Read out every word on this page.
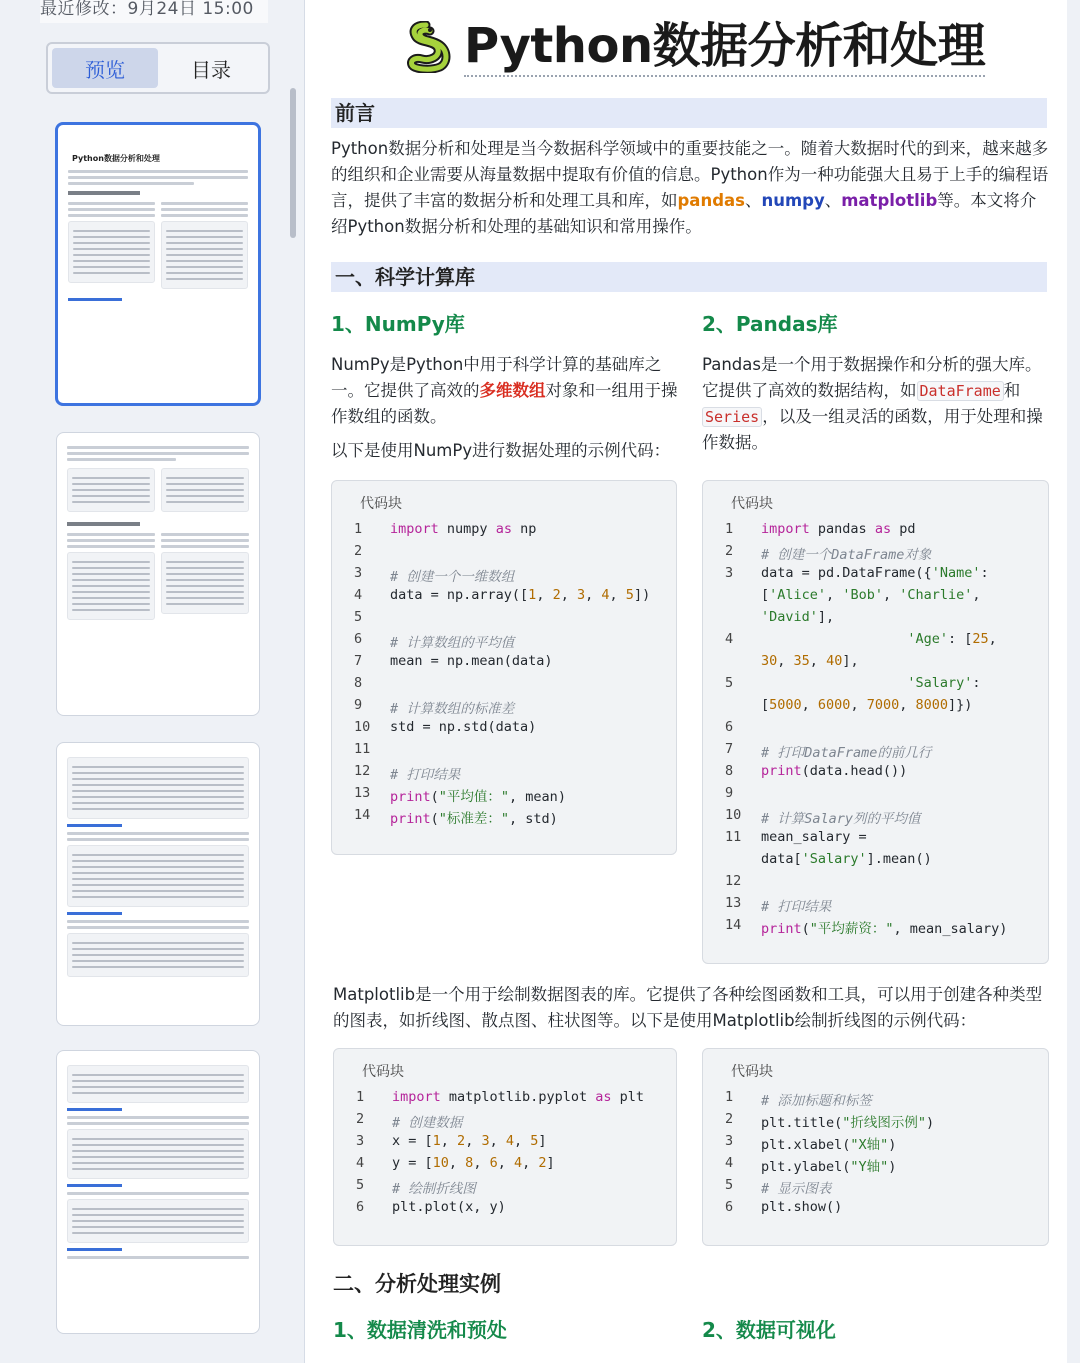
最近修改：9月24日 15:00
预览	目录
Python数据分析和处理
Python数据分析和处理
前言
Python数据分析和处理是当今数据科学领域中的重要技能之一。随着大数据时代的到来，越来越多的组织和企业需要从海量数据中提取有价值的信息。Python作为一种功能强大且易于上手的编程语言，提供了丰富的数据分析和处理工具和库，如pandas、numpy、matplotlib等。本文将介绍Python数据分析和处理的基础知识和常用操作。
一、科学计算库
1、NumPy库	2、Pandas库
NumPy是Python中用于科学计算的基础库之一。它提供了高效的多维数组对象和一组用于操作数组的函数。
以下是使用NumPy进行数据处理的示例代码：
Pandas是一个用于数据操作和分析的强大库。它提供了高效的数据结构，如 DataFrame 和Series ，以及一组灵活的函数，用于处理和操作数据。
代码块
1	import numpy as np
2
3	# 创建一个一维数组
4	data = np.array([1, 2, 3, 4, 5])
5
6	# 计算数组的平均值
7	mean = np.mean(data)
8
9	# 计算数组的标准差
10 std = np.std(data)
11
12 # 打印结果
13 print("平均值：", mean)
14 print("标准差：", std)
代码块
1	import pandas as pd
2	# 创建一个DataFrame对象
3	data = pd.DataFrame({'Name':
['Alice', 'Bob', 'Charlie',
'David'],
4	'Age': [25,
30, 35, 40],
5	'Salary':
[5000, 6000, 7000, 8000]})
6
7	# 打印DataFrame的前几行
8	print(data.head())
9
10 # 计算Salary列的平均值
11 mean_salary =
data['Salary'].mean()
12
13 # 打印结果
14 print("平均薪资：", mean_salary)
Matplotlib是一个用于绘制数据图表的库。它提供了各种绘图函数和工具，可以用于创建各种类型的图表，如折线图、散点图、柱状图等。以下是使用Matplotlib绘制折线图的示例代码：
代码块
1	import matplotlib.pyplot as plt
2	# 创建数据
3	x = [1, 2, 3, 4, 5]
4	y = [10, 8, 6, 4, 2]
5	# 绘制折线图
6	plt.plot(x, y)
代码块
1	# 添加标题和标签
2	plt.title("折线图示例")
3	plt.xlabel("X轴")
4	plt.ylabel("Y轴")
5	# 显示图表
6	plt.show()
二、分析处理实例
1、数据清洗和预处	2、数据可视化
